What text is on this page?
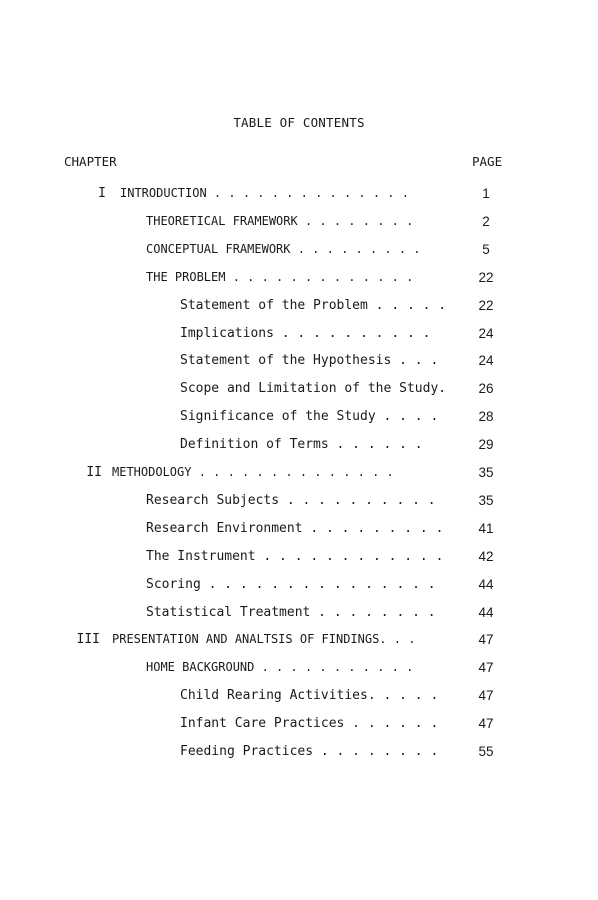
TABLE OF CONTENTS
CHAPTER	PAGE
I INTRODUCTION . . . . . . . . . . . . . .	1
THEORETICAL FRAMEWORK . . . . . . . .	2
CONCEPTUAL FRAMEWORK . . . . . . . . .	5
THE PROBLEM . . . . . . . . . . . . .	22
Statement of the Problem . . . . .	22
Implications . . . . . . . . . .	24
Statement of the Hypothesis . . .	24
Scope and Limitation of the Study.	26
Significance of the Study . . . .	28
Definition of Terms . . . . . .	29
II METHODOLOGY . . . . . . . . . . . . . .	35
Research Subjects . . . . . . . . . .	35
Research Environment . . . . . . . . .	41
The Instrument . . . . . . . . . . . .	42
Scoring . . . . . . . . . . . . . . .	44
Statistical Treatment . . . . . . . .	44
III PRESENTATION AND ANALTSIS OF FINDINGS. . .	47
HOME BACKGROUND . . . . . . . . . . .	47
Child Rearing Activities. . . . .	47
Infant Care Practices . . . . . .	47
Feeding Practices . . . . . . . .	55
